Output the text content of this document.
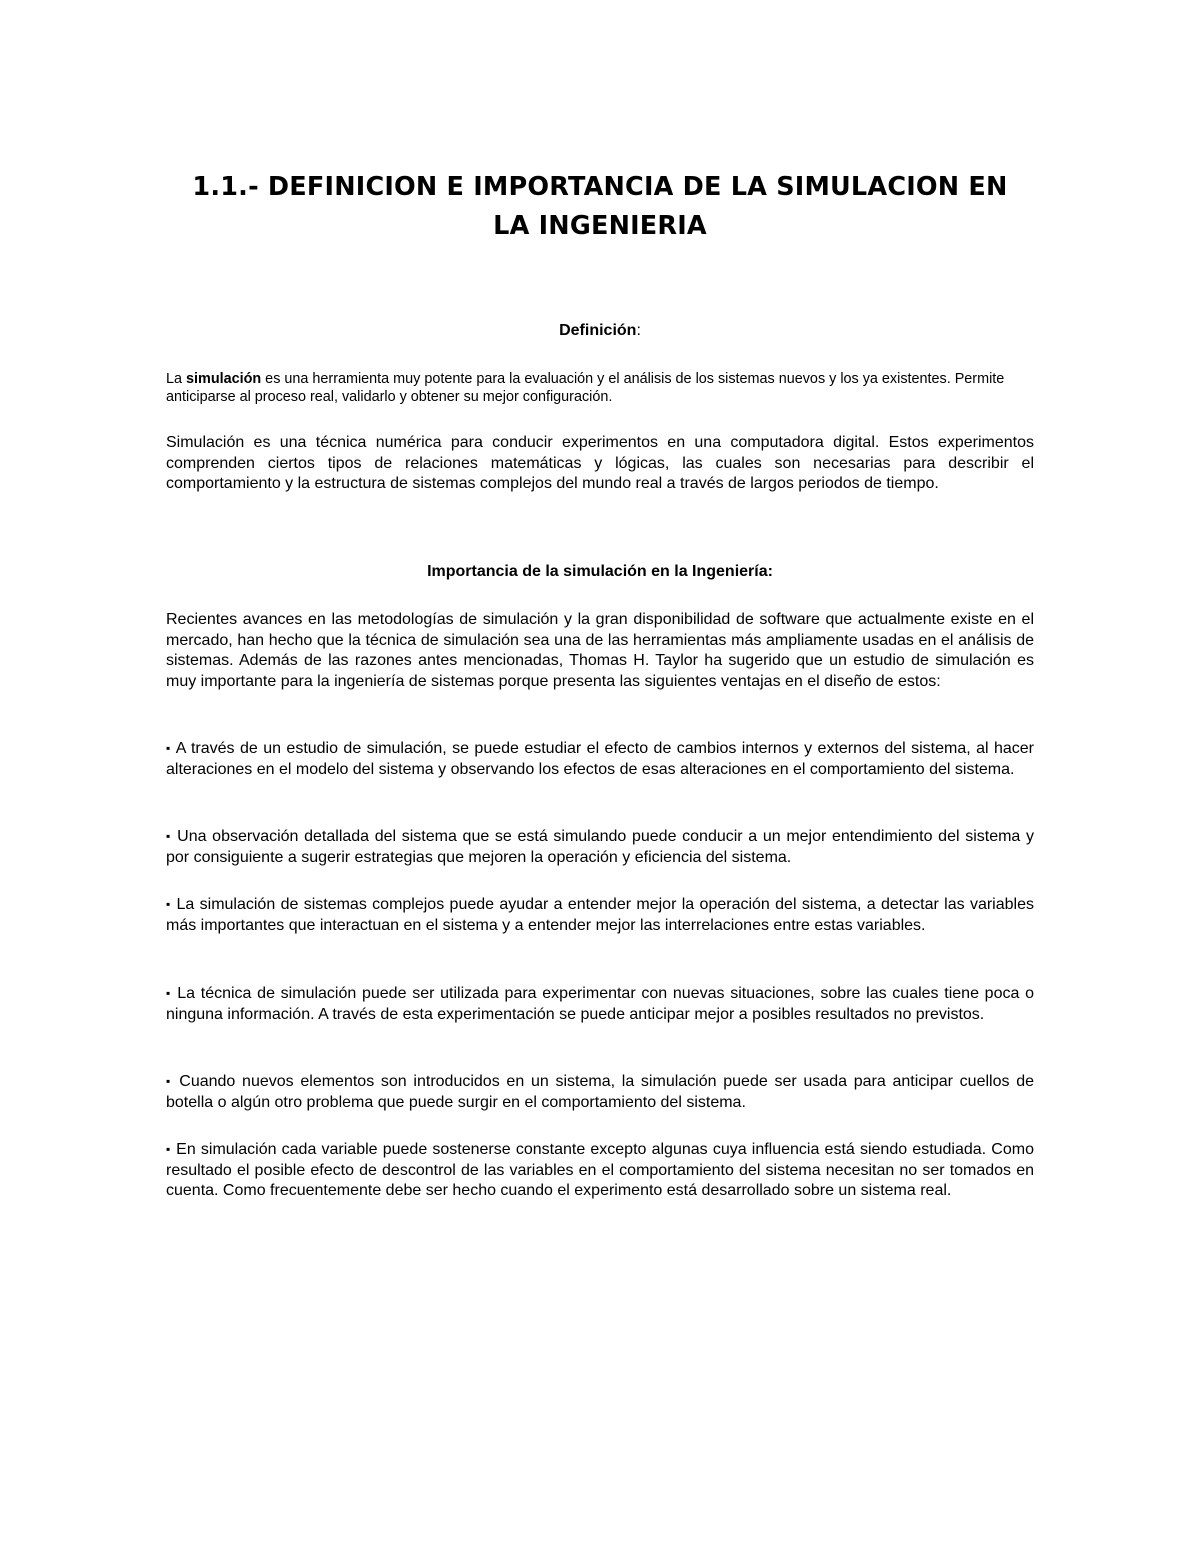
1.1.- DEFINICION E IMPORTANCIA DE LA SIMULACION EN
LA INGENIERIA

Definición:

La simulación es una herramienta muy potente para la evaluación y el análisis de los sistemas nuevos y los ya existentes. Permite anticiparse al proceso real, validarlo y obtener su mejor configuración.

Simulación es una técnica numérica para conducir experimentos en una computadora digital. Estos experimentos comprenden ciertos tipos de relaciones matemáticas y lógicas, las cuales son necesarias para describir el comportamiento y la estructura de sistemas complejos del mundo real a través de largos periodos de tiempo.

Importancia de la simulación en la Ingeniería:

Recientes avances en las metodologías de simulación y la gran disponibilidad de software que actualmente existe en el mercado, han hecho que la técnica de simulación sea una de las herramientas más ampliamente usadas en el análisis de sistemas. Además de las razones antes mencionadas, Thomas H. Taylor ha sugerido que un estudio de simulación es muy importante para la ingeniería de sistemas porque presenta las siguientes ventajas en el diseño de estos:

▪ A través de un estudio de simulación, se puede estudiar el efecto de cambios internos y externos del sistema, al hacer alteraciones en el modelo del sistema y observando los efectos de esas alteraciones en el comportamiento del sistema.

▪ Una observación detallada del sistema que se está simulando puede conducir a un mejor entendimiento del sistema y por consiguiente a sugerir estrategias que mejoren la operación y eficiencia del sistema.

▪ La simulación de sistemas complejos puede ayudar a entender mejor la operación del sistema, a detectar las variables más importantes que interactuan en el sistema y a entender mejor las interrelaciones entre estas variables.

▪ La técnica de simulación puede ser utilizada para experimentar con nuevas situaciones, sobre las cuales tiene poca o ninguna información. A través de esta experimentación se puede anticipar mejor a posibles resultados no previstos.

▪ Cuando nuevos elementos son introducidos en un sistema, la simulación puede ser usada para anticipar cuellos de botella o algún otro problema que puede surgir en el comportamiento del sistema.

▪ En simulación cada variable puede sostenerse constante excepto algunas cuya influencia está siendo estudiada. Como resultado el posible efecto de descontrol de las variables en el comportamiento del sistema necesitan no ser tomados en cuenta. Como frecuentemente debe ser hecho cuando el experimento está desarrollado sobre un sistema real.
